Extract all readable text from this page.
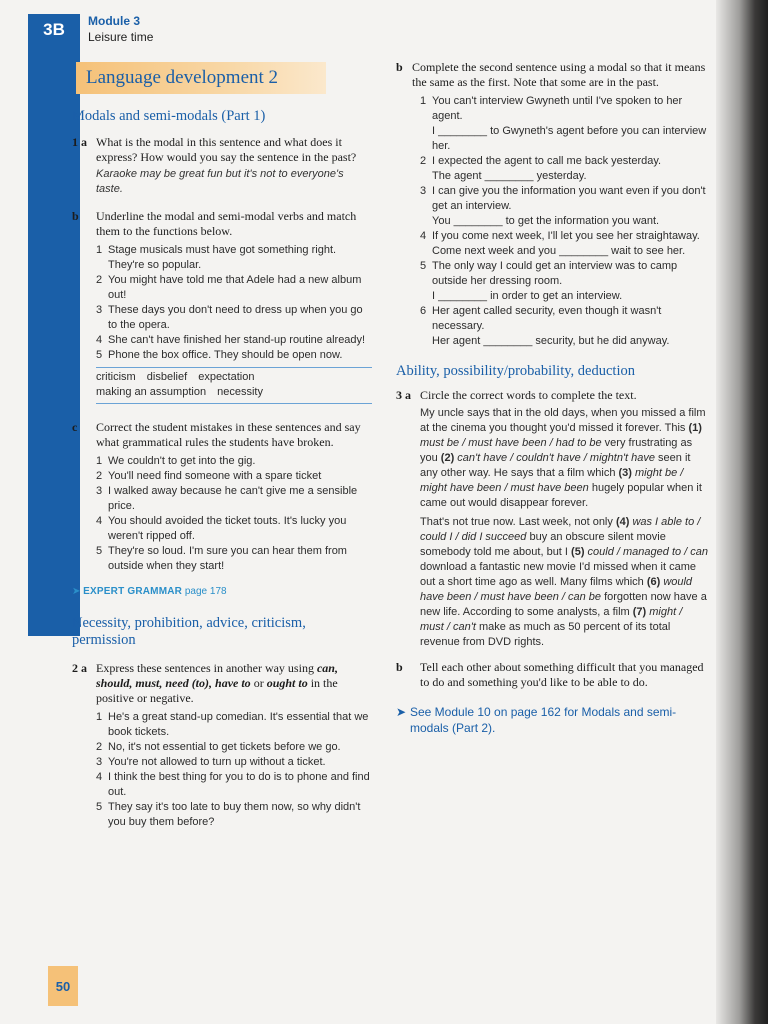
3B	Module 3
Leisure time
Language development 2
Modals and semi-modals (Part 1)
1 a What is the modal in this sentence and what does it express? How would you say the sentence in the past?
Karaoke may be great fun but it's not to everyone's taste.
b	Underline the modal and semi-modal verbs and match them to the functions below.
1 Stage musicals must have got something right. They're so popular.
2 You might have told me that Adele had a new album out!
3 These days you don't need to dress up when you go to the opera.
4 She can't have finished her stand-up routine already!
5 Phone the box office. They should be open now.
criticism disbelief expectation
making an assumption necessity
c	Correct the student mistakes in these sentences and say what grammatical rules the students have broken.
1 We couldn't to get into the gig.
2 You'll need find someone with a spare ticket
3 I walked away because he can't give me a sensible price.
4 You should avoided the ticket touts. It's lucky you weren't ripped off.
5 They're so loud. I'm sure you can hear them from outside when they start!
➤ EXPERT GRAMMAR page 178
Necessity, prohibition, advice, criticism, permission
2 a Express these sentences in another way using can, should, must, need (to), have to or ought to in the positive or negative.
1 He's a great stand-up comedian. It's essential that we book tickets.
2 No, it's not essential to get tickets before we go.
3 You're not allowed to turn up without a ticket.
4 I think the best thing for you to do is to phone and find out.
5 They say it's too late to buy them now, so why didn't you buy them before?
b Complete the second sentence using a modal so that it means the same as the first. Note that some are in the past.
1 You can't interview Gwyneth until I've spoken to her agent.
I ________ to Gwyneth's agent before you can interview her.
2 I expected the agent to call me back yesterday.
The agent ________ yesterday.
3 I can give you the information you want even if you don't get an interview.
You ________ to get the information you want.
4 If you come next week, I'll let you see her straightaway.
Come next week and you ________ wait to see her.
5 The only way I could get an interview was to camp outside her dressing room.
I ________ in order to get an interview.
6 Her agent called security, even though it wasn't necessary.
Her agent ________ security, but he did anyway.
Ability, possibility/probability, deduction
3 a Circle the correct words to complete the text.
My uncle says that in the old days, when you missed a film at the cinema you thought you'd missed it forever. This (1) must be / must have been / had to be very frustrating as you (2) can't have / couldn't have / mightn't have seen it any other way. He says that a film which (3) might be / might have been / must have been hugely popular when it came out would disappear forever.
That's not true now. Last week, not only (4) was I able to / could I / did I succeed buy an obscure silent movie somebody told me about, but I (5) could / managed to / can download a fantastic new movie I'd missed when it came out a short time ago as well. Many films which (6) would have been / must have been / can be forgotten now have a new life. According to some analysts, a film (7) might / must / can't make as much as 50 percent of its total revenue from DVD rights.
b	Tell each other about something difficult that you managed to do and something you'd like to be able to do.
➤ See Module 10 on page 162 for Modals and semi-modals (Part 2).
50
